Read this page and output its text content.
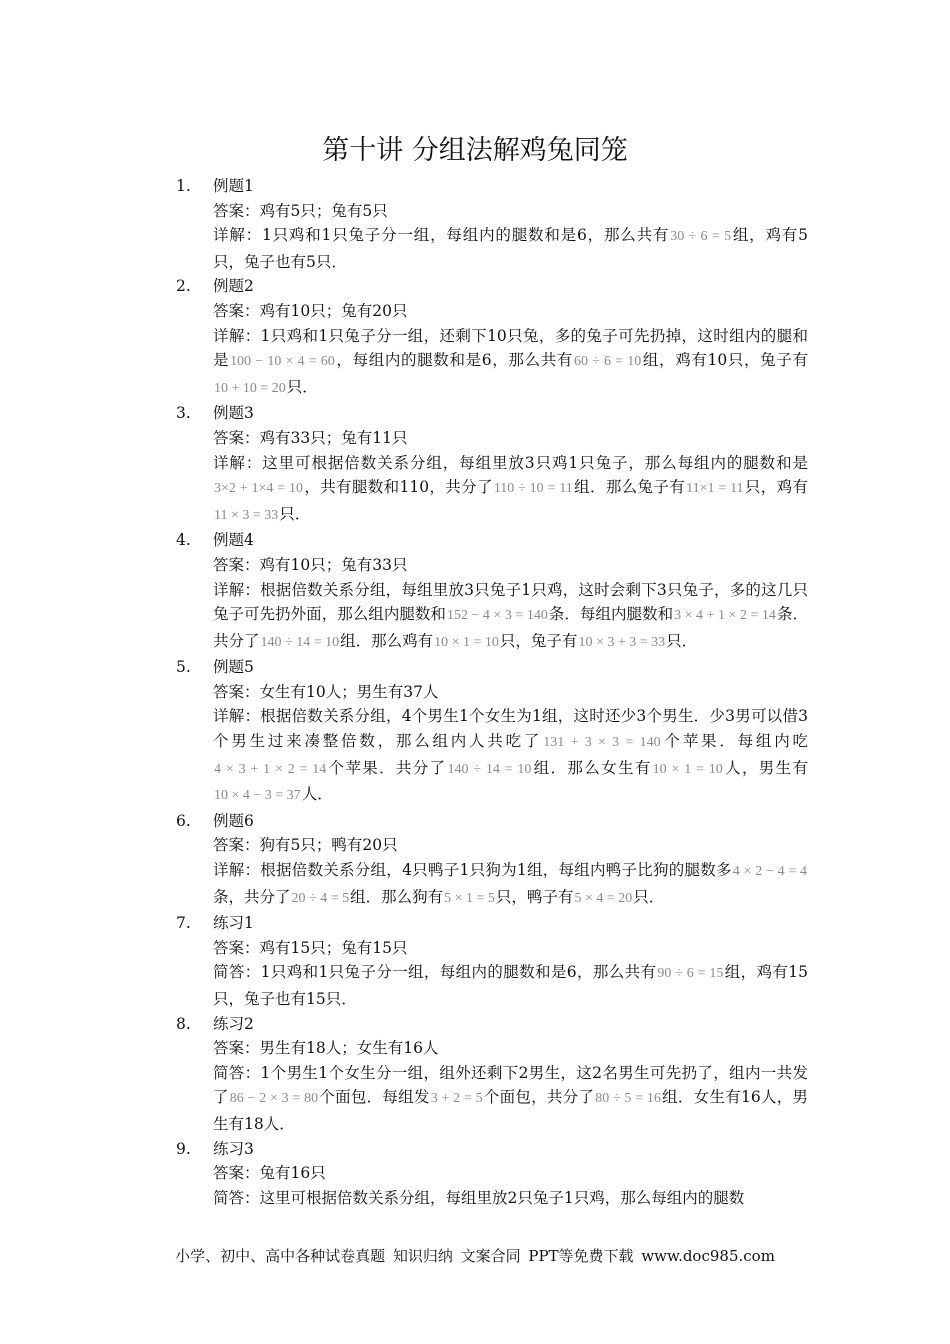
第十讲 分组法解鸡兔同笼
1.	例题1
答案：鸡有5只；兔有5只
详解：1只鸡和1只兔子分一组，每组内的腿数和是6，那么共有30 ÷ 6 = 5组，鸡有5只，兔子也有5只．
2.	例题2
答案：鸡有10只；兔有20只
详解：1只鸡和1只兔子分一组，还剩下10只兔，多的兔子可先扔掉，这时组内的腿和是100 − 10 × 4 = 60，每组内的腿数和是6，那么共有60 ÷ 6 = 10组，鸡有10只，兔子有10 + 10 = 20只．
3.	例题3
答案：鸡有33只；兔有11只
详解：这里可根据倍数关系分组，每组里放3只鸡1只兔子，那么每组内的腿数和是3×2 + 1×4 = 10，共有腿数和110，共分了110 ÷ 10 = 11组．那么兔子有11×1 = 11只，鸡有11 × 3 = 33只．
4.	例题4
答案：鸡有10只；兔有33只
详解：根据倍数关系分组，每组里放3只兔子1只鸡，这时会剩下3只兔子，多的这几只兔子可先扔外面，那么组内腿数和152 − 4 × 3 = 140条．每组内腿数和3 × 4 + 1 × 2 = 14条．共分了140 ÷ 14 = 10组．那么鸡有10 × 1 = 10只，兔子有10 × 3 + 3 = 33只．
5.	例题5
答案：女生有10人；男生有37人
详解：根据倍数关系分组，4个男生1个女生为1组，这时还少3个男生．少3男可以借3个男生过来凑整倍数，那么组内人共吃了131 + 3 × 3 = 140个苹果．每组内吃4 × 3 + 1 × 2 = 14个苹果．共分了140 ÷ 14 = 10组．那么女生有10 × 1 = 10人，男生有10 × 4 − 3 = 37人．
6.	例题6
答案：狗有5只；鸭有20只
详解：根据倍数关系分组，4只鸭子1只狗为1组，每组内鸭子比狗的腿数多4 × 2 − 4 = 4条，共分了20 ÷ 4 = 5组．那么狗有5 × 1 = 5只，鸭子有5 × 4 = 20只．
7.	练习1
答案：鸡有15只；兔有15只
简答：1只鸡和1只兔子分一组，每组内的腿数和是6，那么共有90 ÷ 6 = 15组，鸡有15只，兔子也有15只．
8.	练习2
答案：男生有18人；女生有16人
简答：1个男生1个女生分一组，组外还剩下2男生，这2名男生可先扔了，组内一共发了86 − 2 × 3 = 80个面包．每组发3 + 2 = 5个面包，共分了80 ÷ 5 = 16组．女生有16人，男生有18人．
9.	练习3
答案：兔有16只
简答：这里可根据倍数关系分组，每组里放2只兔子1只鸡，那么每组内的腿数
小学、初中、高中各种试卷真题 知识归纳 文案合同 PPT等免费下载 www.doc985.com
